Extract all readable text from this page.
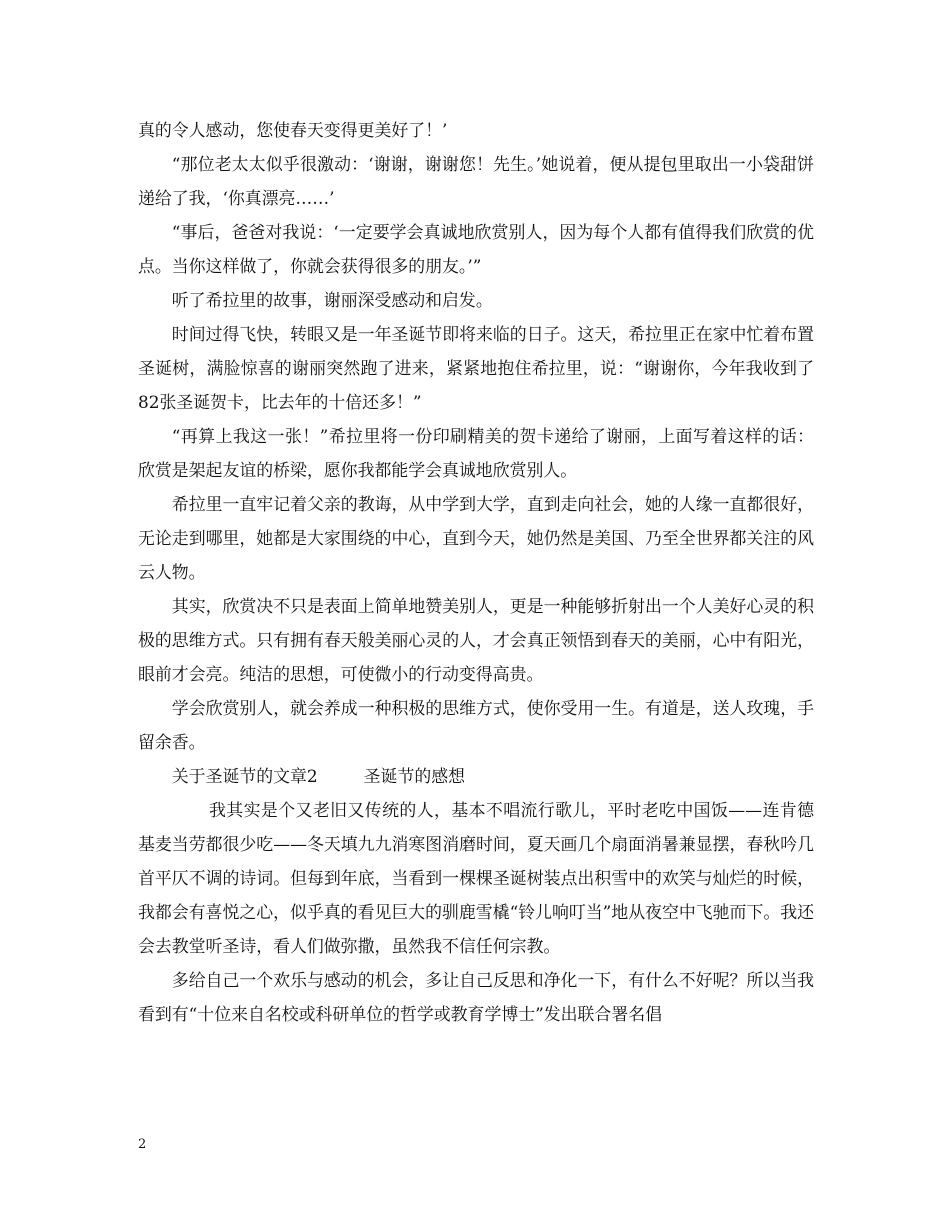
真的令人感动，您使春天变得更美好了！’

“那位老太太似乎很激动：‘谢谢，谢谢您！先生。’她说着，便从提包里取出一小袋甜饼递给了我，‘你真漂亮……’

“事后，爸爸对我说：‘一定要学会真诚地欣赏别人，因为每个人都有值得我们欣赏的优点。当你这样做了，你就会获得很多的朋友。’”

听了希拉里的故事，谢丽深受感动和启发。

时间过得飞快，转眼又是一年圣诞节即将来临的日子。这天，希拉里正在家中忙着布置圣诞树，满脸惊喜的谢丽突然跑了进来，紧紧地抱住希拉里，说：“谢谢你，今年我收到了82张圣诞贺卡，比去年的十倍还多！”

“再算上我这一张！”希拉里将一份印刷精美的贺卡递给了谢丽，上面写着这样的话：欣赏是架起友谊的桥梁，愿你我都能学会真诚地欣赏别人。

希拉里一直牢记着父亲的教诲，从中学到大学，直到走向社会，她的人缘一直都很好，无论走到哪里，她都是大家围绕的中心，直到今天，她仍然是美国、乃至全世界都关注的风云人物。

其实，欣赏决不只是表面上简单地赞美别人，更是一种能够折射出一个人美好心灵的积极的思维方式。只有拥有春天般美丽心灵的人，才会真正领悟到春天的美丽，心中有阳光，眼前才会亮。纯洁的思想，可使微小的行动变得高贵。

学会欣赏别人，就会养成一种积极的思维方式，使你受用一生。有道是，送人玫瑰，手留余香。

关于圣诞节的文章2	圣诞节的感想

我其实是个又老旧又传统的人，基本不唱流行歌儿，平时老吃中国饭——连肯德基麦当劳都很少吃——冬天填九九消寒图消磨时间，夏天画几个扇面消暑兼显摆，春秋吟几首平仄不调的诗词。但每到年底，当看到一棵棵圣诞树装点出积雪中的欢笑与灿烂的时候，我都会有喜悦之心，似乎真的看见巨大的驯鹿雪橇“铃儿响叮当”地从夜空中飞驰而下。我还会去教堂听圣诗，看人们做弥撒，虽然我不信任何宗教。

多给自己一个欢乐与感动的机会，多让自己反思和净化一下，有什么不好呢？所以当我看到有“十位来自名校或科研单位的哲学或教育学博士”发出联合署名倡

2
